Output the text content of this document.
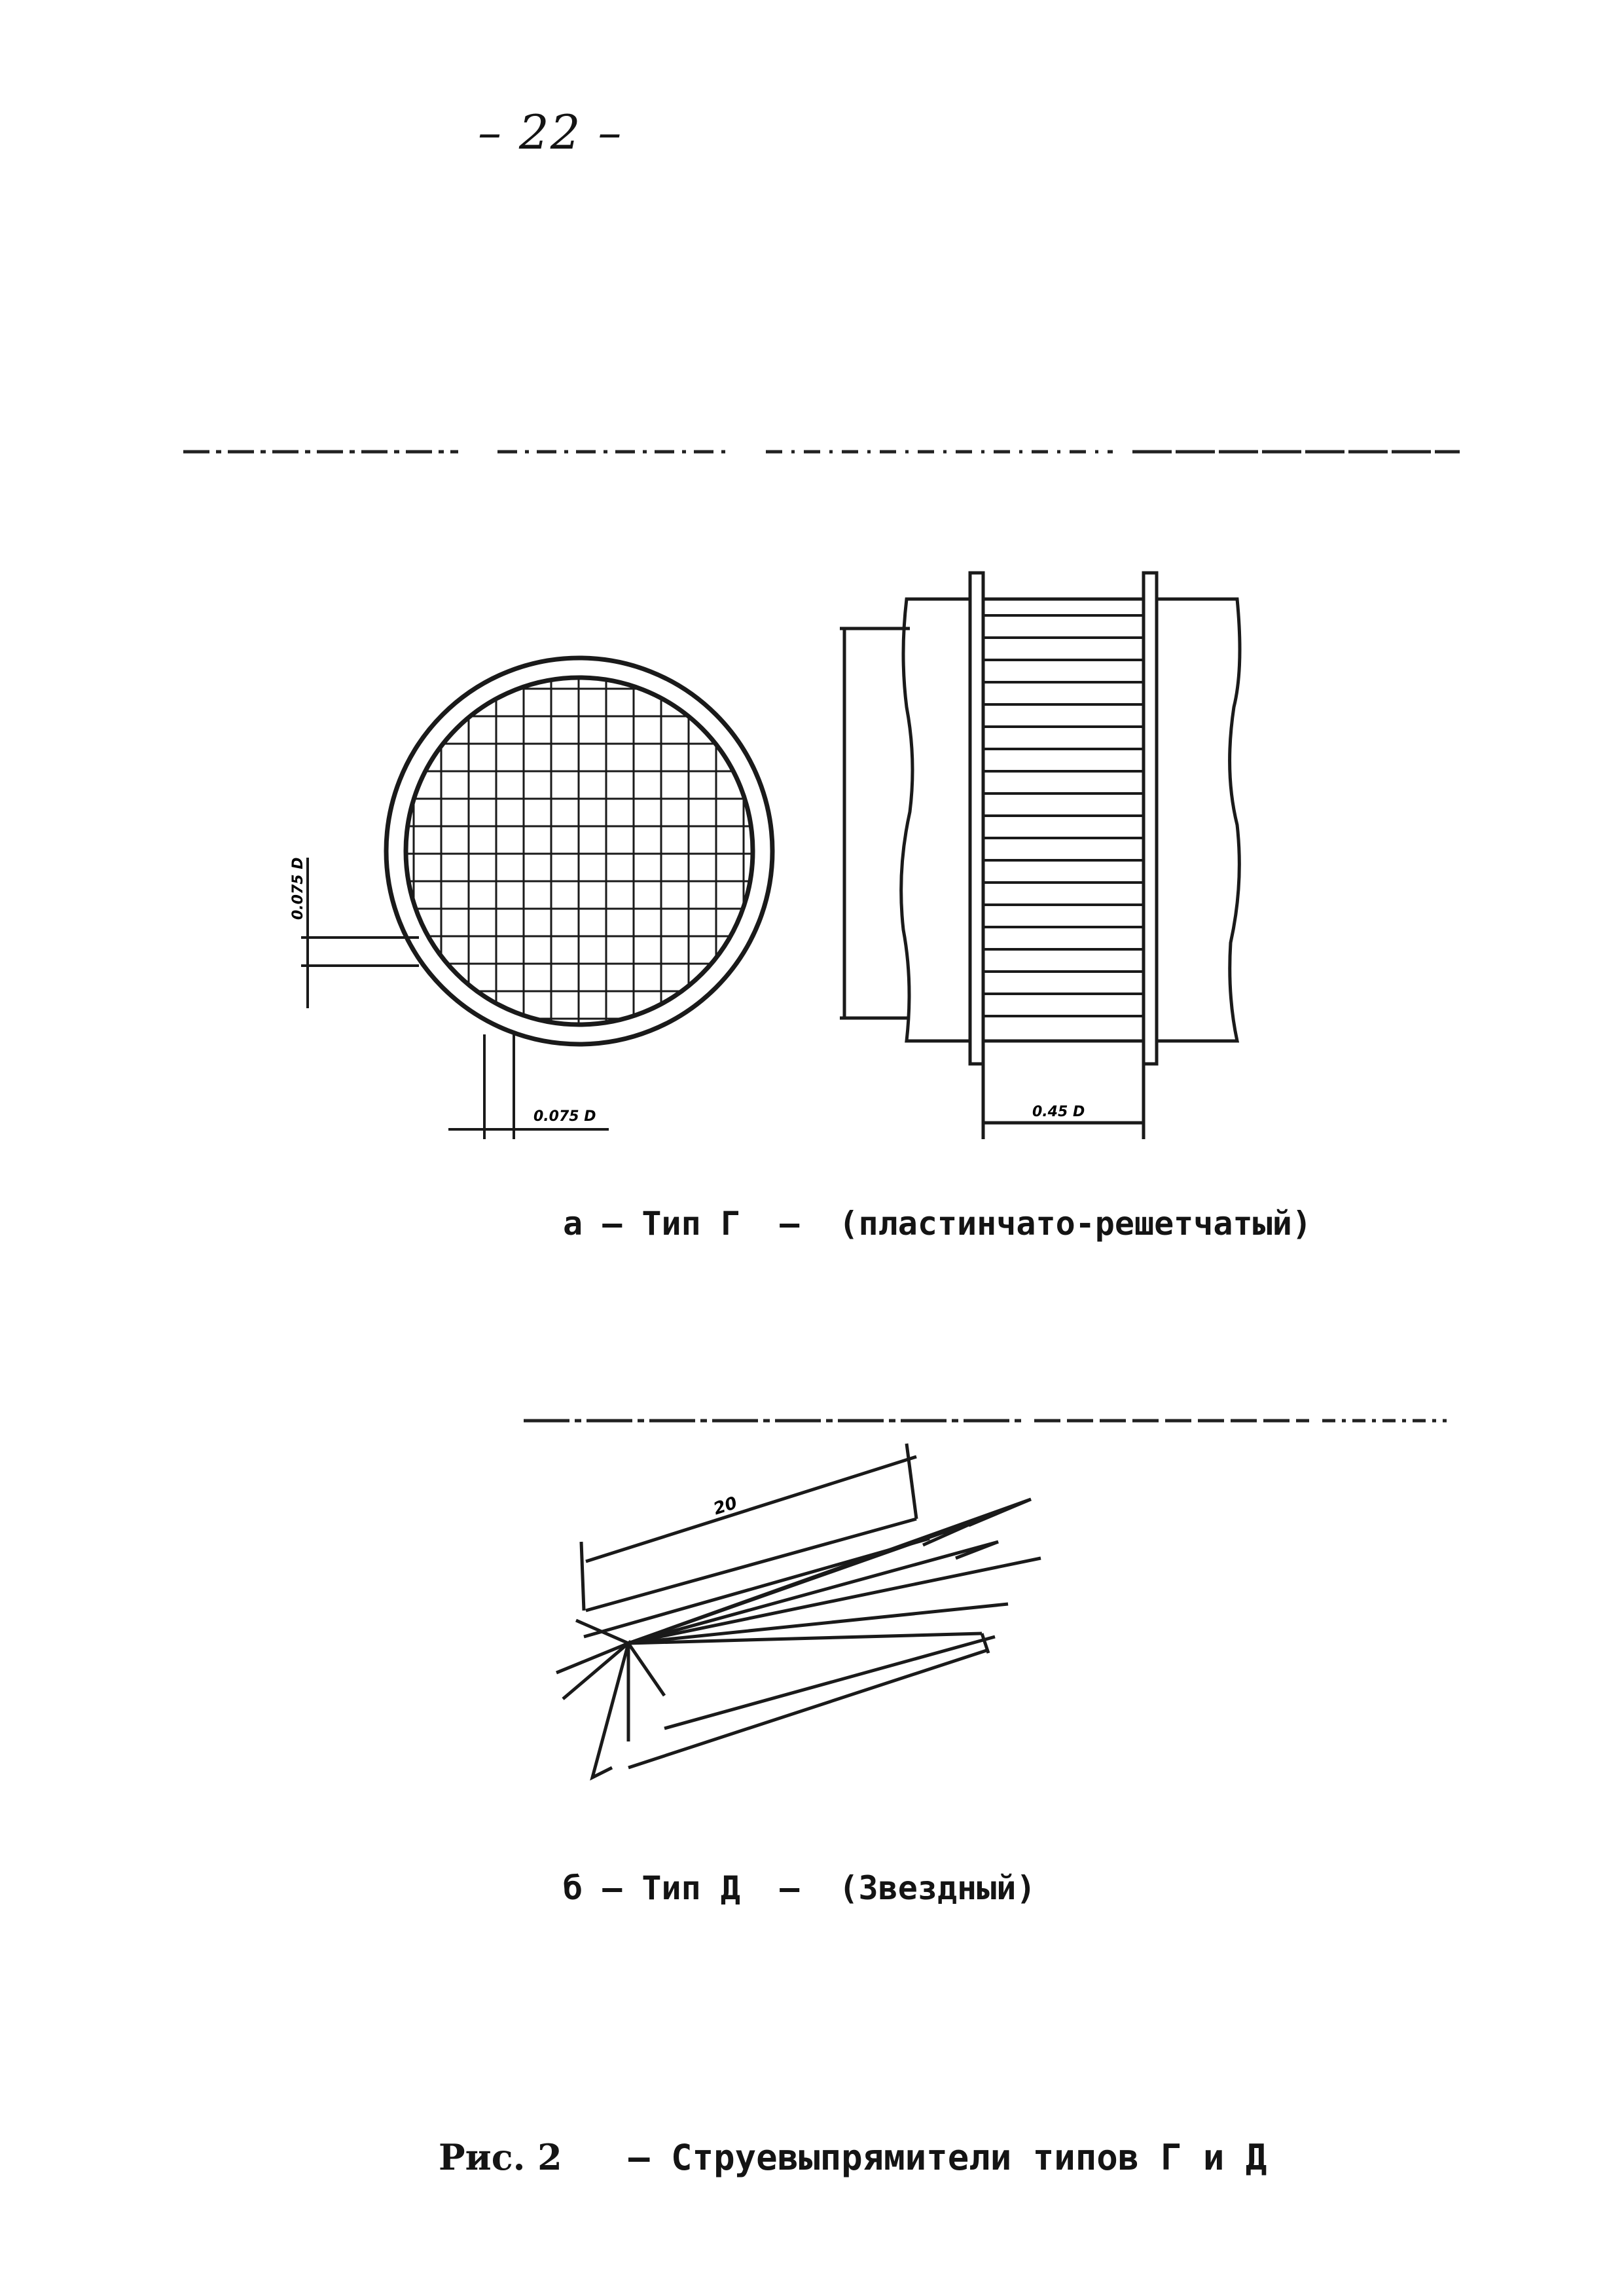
– 22 –
0.075 D
0.075 D	0.45 D
20
а – Тип Г  –  (пластинчато-решетчатый)
б – Тип Д  –  (Звездный)

Рис. 2 – Струевыпрямители типов Г и Д
